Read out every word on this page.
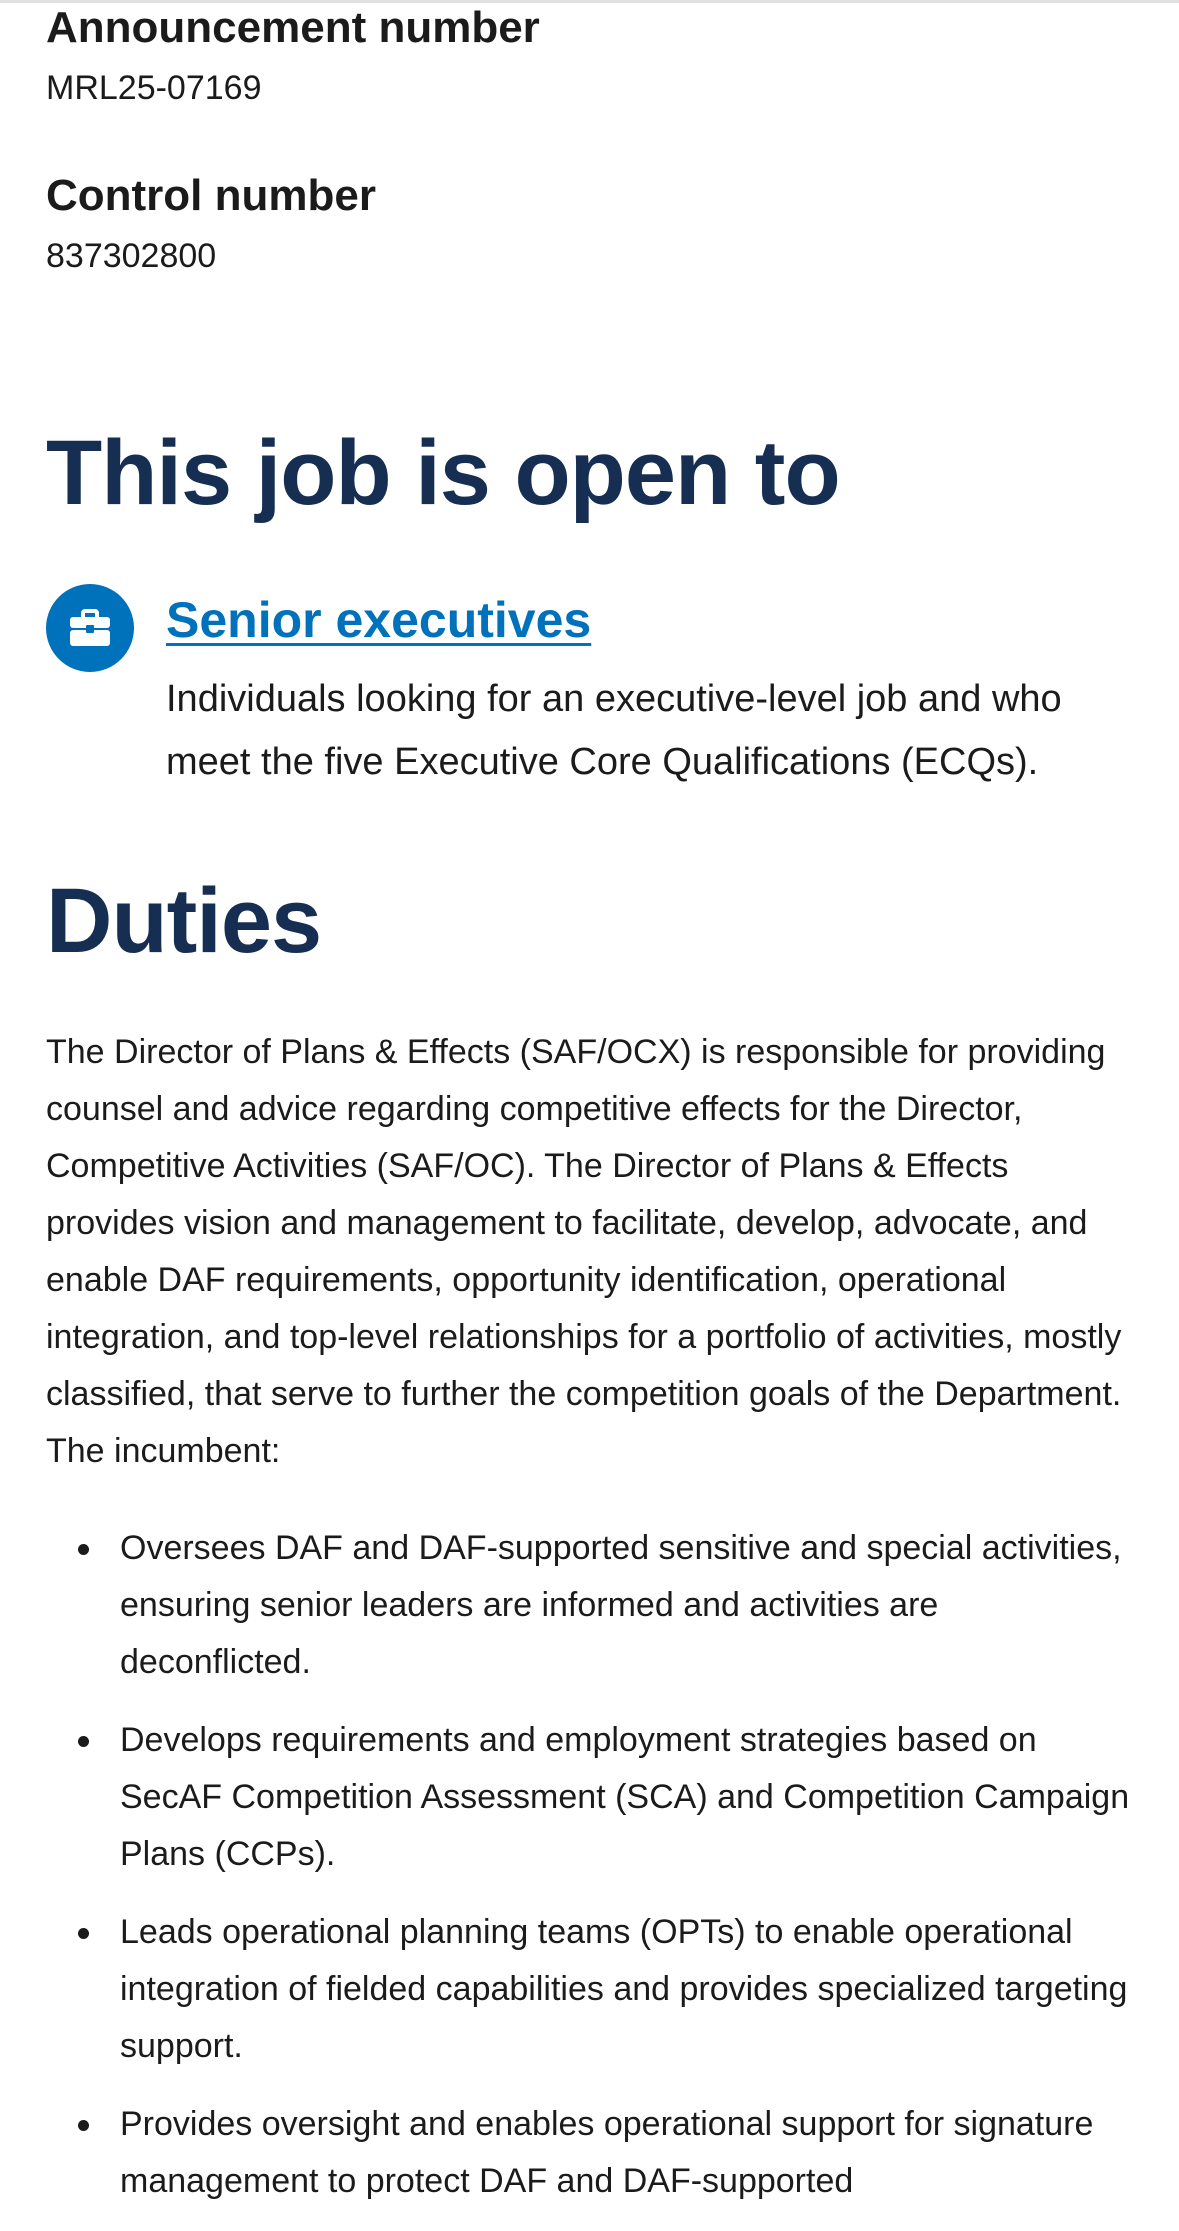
Announcement number

MRL25-07169

Control number

837302800

This job is open to
Senior executives
Individuals looking for an executive-level job and who meet the five Executive Core Qualifications (ECQs).
Duties

The Director of Plans & Effects (SAF/OCX) is responsible for providing counsel and advice regarding competitive effects for the Director, Competitive Activities (SAF/OC). The Director of Plans & Effects provides vision and management to facilitate, develop, advocate, and enable DAF requirements, opportunity identification, operational integration, and top-level relationships for a portfolio of activities, mostly classified, that serve to further the competition goals of the Department. The incumbent:

Oversees DAF and DAF-supported sensitive and special activities, ensuring senior leaders are informed and activities are deconflicted.
Develops requirements and employment strategies based on SecAF Competition Assessment (SCA) and Competition Campaign Plans (CCPs).
Leads operational planning teams (OPTs) to enable operational integration of fielded capabilities and provides specialized targeting support.
Provides oversight and enables operational support for signature management to protect DAF and DAF-supported
